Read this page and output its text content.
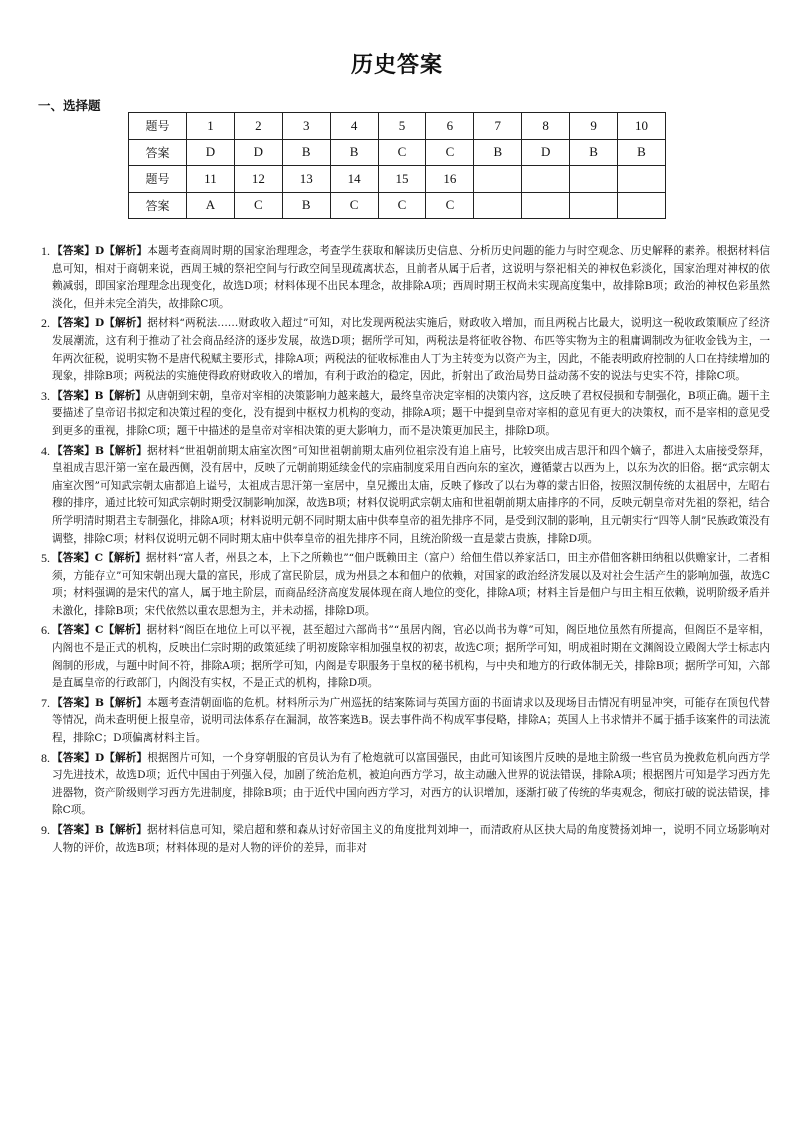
历史答案
一、选择题
题号	1	2	3	4	5	6	7	8	9	10
答案	D	D	B	B	C	C	B	D	B	B
题号	11	12	13	14	15	16				
答案	A	C	B	C	C	C				
1. 【答案】D【解析】本题考查商周时期的国家治理理念，考查学生获取和解读历史信息、分析历史问题的能力与时空观念、历史解释的素养。根据材料信息可知，相对于商朝来说，西周王城的祭祀空间与行政空间呈现疏离状态，且前者从属于后者，这说明与祭祀相关的神权色彩淡化，国家治理对神权的依赖减弱，即国家治理理念出现变化，故选D项；材料体现不出民本理念，故排除A项；西周时期王权尚未实现高度集中，故排除B项；政治的神权色彩虽然淡化，但并未完全消失，故排除C项。
2. 【答案】D【解析】据材料“两税法……财政收入超过”可知，对比发现两税法实施后，财政收入增加，而且两税占比最大，说明这一税收政策顺应了经济发展潮流，这有利于推动了社会商品经济的逐步发展，故选D项；据所学可知，两税法是将征收谷物、布匹等实物为主的租庸调制改为征收金钱为主，一年两次征税，说明实物不是唐代税赋主要形式，排除A项；两税法的征收标准由人丁为主转变为以资产为主，因此，不能表明政府控制的人口在持续增加的现象，排除B项；两税法的实施使得政府财政收入的增加，有利于政治的稳定，因此，折射出了政治局势日益动荡不安的说法与史实不符，排除C项。
3. 【答案】B【解析】从唐朝到宋朝，皇帝对宰相的决策影响力越来越大，最终皇帝决定宰相的决策内容，这反映了君权侵损和专制强化，B项正确。题干主要描述了皇帝诏书拟定和决策过程的变化，没有提到中枢权力机构的变动，排除A项；题干中提到皇帝对宰相的意见有更大的决策权，而不是宰相的意见受到更多的重视，排除C项；题干中描述的是皇帝对宰相决策的更大影响力，而不是决策更加民主，排除D项。
4. 【答案】B【解析】据材料“世祖朝前期太庙室次图”可知世祖朝前期太庙列位祖宗没有追上庙号，比较突出成吉思汗和四个嫡子，都进入太庙接受祭拜，皇祖成吉思汗第一室在最西侧，没有居中，反映了元朝前期延续金代的宗庙制度采用自西向东的室次，遵循蒙古以西为上，以东为次的旧俗。据“武宗朝太庙室次图”可知武宗朝太庙都追上谥号，太祖成吉思汗第一室居中，皇兄搬出太庙，反映了修改了以右为尊的蒙古旧俗，按照汉制传统的太祖居中，左昭右穆的排序，通过比较可知武宗朝时期受汉制影响加深，故选B项；材料仅说明武宗朝太庙和世祖朝前期太庙排序的不同，反映元朝皇帝对先祖的祭祀，结合所学明清时期君主专制强化，排除A项；材料说明元朝不同时期太庙中供奉皇帝的祖先排序不同，是受到汉制的影响，且元朝实行“四等人制”民族政策没有调整，排除C项；材料仅说明元朝不同时期太庙中供奉皇帝的祖先排序不同，且统治阶级一直是蒙古贵族，排除D项。
5. 【答案】C【解析】据材料“富人者，州县之本，上下之所赖也”“佃户既赖田主（富户）给佃生借以养家活口，田主亦借佃客耕田纳租以供赡家计，二者相须，方能存立”可知宋朝出现大量的富民，形成了富民阶层，成为州县之本和佃户的依赖，对国家的政治经济发展以及对社会生活产生的影响加强，故选C项；材料强调的是宋代的富人，属于地主阶层，而商品经济高度发展体现在商人地位的变化，排除A项；材料主旨是佃户与田主相互依赖，说明阶级矛盾并未激化，排除B项；宋代依然以重农思想为主，并未动摇，排除D项。
6. 【答案】C【解析】据材料“阁臣在地位上可以平视，甚至超过六部尚书”“虽居内阁，官必以尚书为尊”可知，阁臣地位虽然有所提高，但阁臣不是宰相，内阁也不是正式的机构，反映出仁宗时期的政策延续了明初废除宰相加强皇权的初衷，故选C项；据所学可知，明成祖时期在文渊阁设立殿阁大学士标志内阁制的形成，与题中时间不符，排除A项；据所学可知，内阁是专职服务于皇权的秘书机构，与中央和地方的行政体制无关，排除B项；据所学可知，六部是直属皇帝的行政部门，内阁没有实权，不是正式的机构，排除D项。
7. 【答案】B【解析】本题考查清朝面临的危机。材料所示为广州巡抚的结案陈词与英国方面的书面请求以及现场目击情况有明显冲突，可能存在顶包代替等情况，尚未查明便上报皇帝，说明司法体系存在漏洞，故答案选B。误去事件尚不构成军事侵略，排除A；英国人上书求情并不属于插手该案件的司法流程，排除C；D项偏离材料主旨。
8. 【答案】D【解析】根据图片可知，一个身穿朝服的官员认为有了枪炮就可以富国强民，由此可知该图片反映的是地主阶级一些官员为挽救危机向西方学习先进技术，故选D项；近代中国由于列强入侵，加剧了统治危机，被迫向西方学习，故主动融入世界的说法错误，排除A项；根据图片可知是学习西方先进器物，资产阶级则学习西方先进制度，排除B项；由于近代中国向西方学习，对西方的认识增加，逐渐打破了传统的华夷观念，彻底打破的说法错误，排除C项。
9. 【答案】B【解析】据材料信息可知，梁启超和蔡和森从讨好帝国主义的角度批判刘坤一，而清政府从区抉大局的角度赞扬刘坤一，说明不同立场影响对人物的评价，故选B项；材料体现的是对人物的评价的差异，而非对
